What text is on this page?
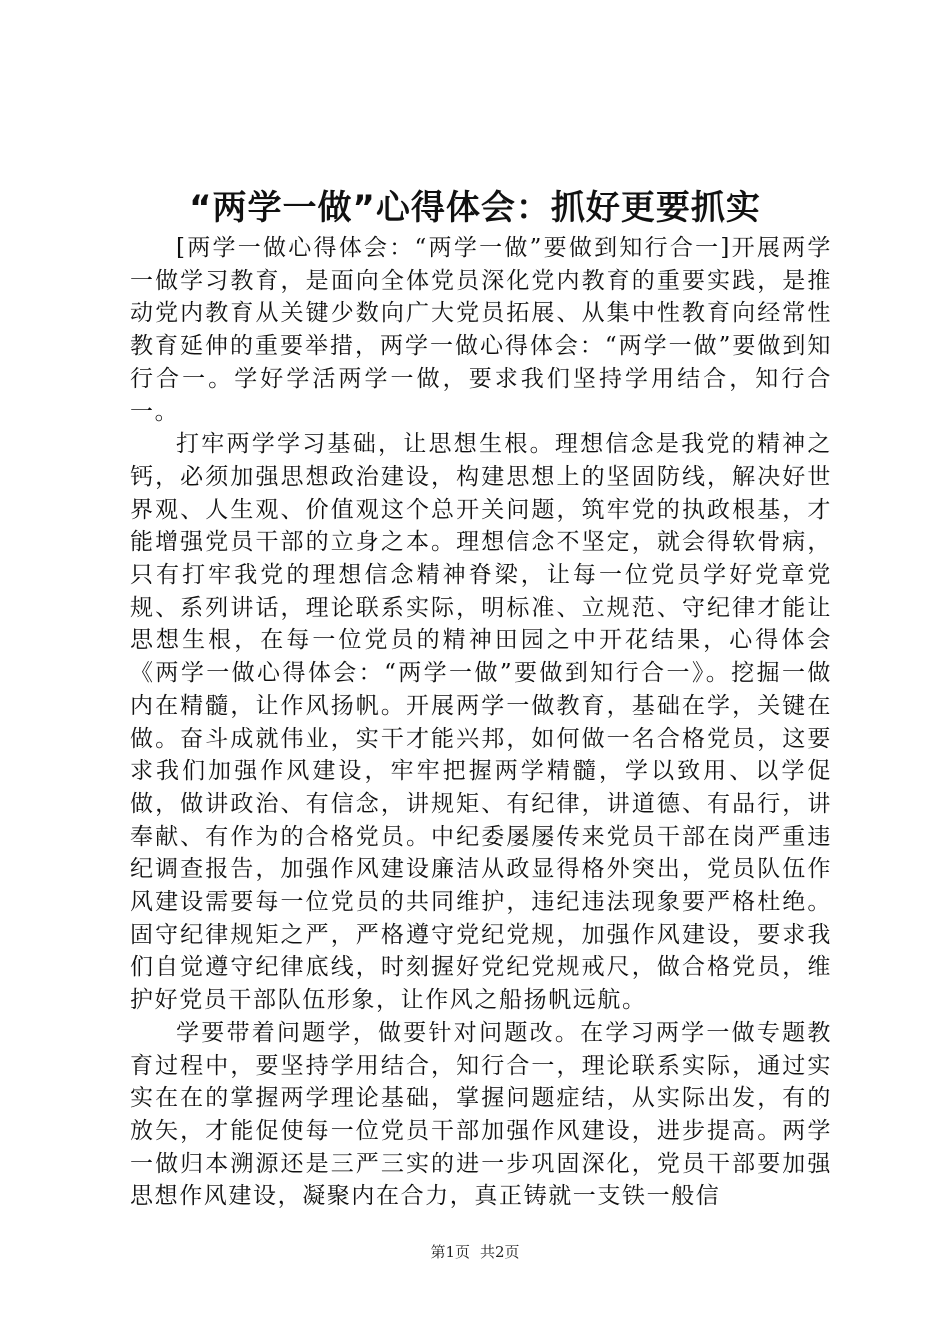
“两学一做”心得体会：抓好更要抓实

[两学一做心得体会：“两学一做”要做到知行合一]开展两学一做学习教育，是面向全体党员深化党内教育的重要实践，是推动党内教育从关键少数向广大党员拓展、从集中性教育向经常性教育延伸的重要举措，两学一做心得体会：“两学一做”要做到知行合一。学好学活两学一做，要求我们坚持学用结合，知行合一。

打牢两学学习基础，让思想生根。理想信念是我党的精神之钙，必须加强思想政治建设，构建思想上的坚固防线，解决好世界观、人生观、价值观这个总开关问题，筑牢党的执政根基，才能增强党员干部的立身之本。理想信念不坚定，就会得软骨病，只有打牢我党的理想信念精神脊梁，让每一位党员学好党章党规、系列讲话，理论联系实际，明标准、立规范、守纪律才能让思想生根，在每一位党员的精神田园之中开花结果，心得体会《两学一做心得体会：“两学一做”要做到知行合一》。挖掘一做内在精髓，让作风扬帆。开展两学一做教育，基础在学，关键在做。奋斗成就伟业，实干才能兴邦，如何做一名合格党员，这要求我们加强作风建设，牢牢把握两学精髓，学以致用、以学促做，做讲政治、有信念，讲规矩、有纪律，讲道德、有品行，讲奉献、有作为的合格党员。中纪委屡屡传来党员干部在岗严重违纪调查报告，加强作风建设廉洁从政显得格外突出，党员队伍作风建设需要每一位党员的共同维护，违纪违法现象要严格杜绝。固守纪律规矩之严，严格遵守党纪党规，加强作风建设，要求我们自觉遵守纪律底线，时刻握好党纪党规戒尺，做合格党员，维护好党员干部队伍形象，让作风之船扬帆远航。

学要带着问题学，做要针对问题改。在学习两学一做专题教育过程中，要坚持学用结合，知行合一，理论联系实际，通过实实在在的掌握两学理论基础，掌握问题症结，从实际出发，有的放矢，才能促使每一位党员干部加强作风建设，进步提高。两学一做归本溯源还是三严三实的进一步巩固深化，党员干部要加强思想作风建设，凝聚内在合力，真正铸就一支铁一般信

第1页 共2页
